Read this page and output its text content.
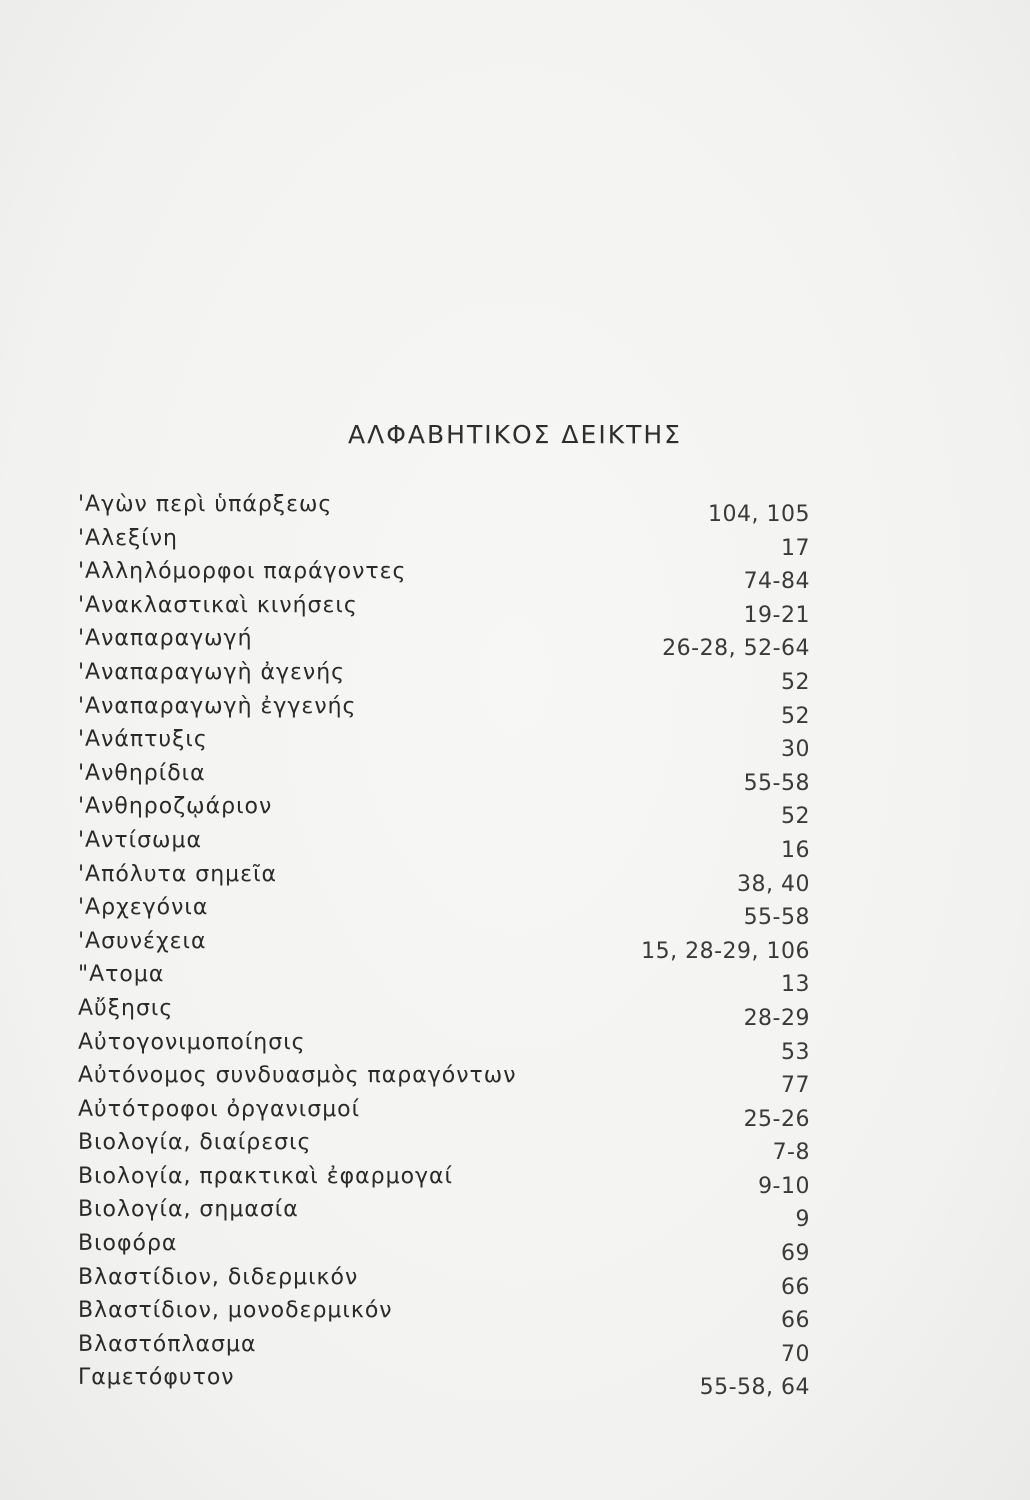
ΑΛΦΑΒΗΤΙΚΟΣ ΔΕΙΚΤΗΣ
'Αγὼν περὶ ὑπάρξεως	104, 105
'Αλεξίνη	17
'Αλληλόμορφοι παράγοντες	74-84
'Ανακλαστικαὶ κινήσεις	19-21
'Αναπαραγωγή	26-28, 52-64
'Αναπαραγωγὴ ἀγενής	52
'Αναπαραγωγὴ ἐγγενής	52
'Ανάπτυξις	30
'Ανθηρίδια	55-58
'Ανθηροζῳάριον	52
'Αντίσωμα	16
'Απόλυτα σημεῖα	38, 40
'Αρχεγόνια	55-58
'Ασυνέχεια	15, 28-29, 106
"Ατομα	13
Αὔξησις	28-29
Αὐτογονιμοποίησις	53
Αὐτόνομος συνδυασμὸς παραγόντων	77
Αὐτότροφοι ὀργανισμοί	25-26
Βιολογία, διαίρεσις	7-8
Βιολογία, πρακτικαὶ ἐφαρμογαί	9-10
Βιολογία, σημασία	9
Βιοφόρα	69
Βλαστίδιον, διδερμικόν	66
Βλαστίδιον, μονοδερμικόν	66
Βλαστόπλασμα	70
Γαμετόφυτον	55-58, 64
